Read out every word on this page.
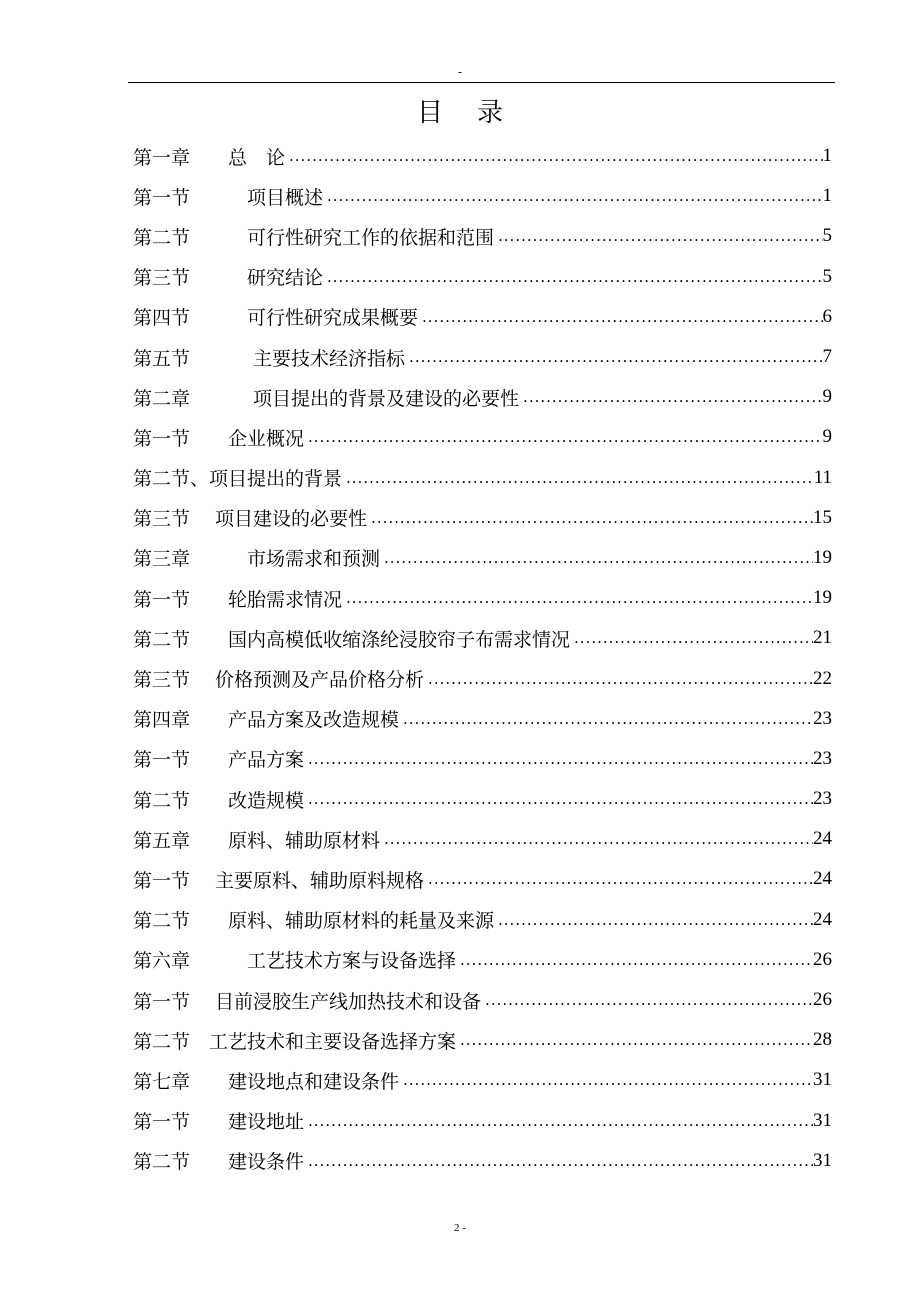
-
目录
第一章　　总　论 .....	1
第一节　　　项目概述 .....	1
第二节　　　可行性研究工作的依据和范围 .....	5
第三节　　　研究结论 .....	5
第四节　　　可行性研究成果概要 .....	6
第五节　　　 主要技术经济指标 .....	7
第二章　　　 项目提出的背景及建设的必要性 .....	9
第一节　　企业概况 .....	9
第二节、项目提出的背景 .....	11
第三节　 项目建设的必要性 .....	15
第三章　　　市场需求和预测 .....	19
第一节　　轮胎需求情况 .....	19
第二节　　国内高模低收缩涤纶浸胶帘子布需求情况 .....	21
第三节　 价格预测及产品价格分析 .....	22
第四章　　产品方案及改造规模 .....	23
第一节　　产品方案 .....	23
第二节　　改造规模 .....	23
第五章　　原料、辅助原材料 .....	24
第一节　 主要原料、辅助原料规格 .....	24
第二节　　原料、辅助原材料的耗量及来源 .....	24
第六章　　　工艺技术方案与设备选择 .....	26
第一节　 目前浸胶生产线加热技术和设备 .....	26
第二节　工艺技术和主要设备选择方案 .....	28
第七章　　建设地点和建设条件 .....	31
第一节　　建设地址 .....	31
第二节　　建设条件 .....	31
2 -
